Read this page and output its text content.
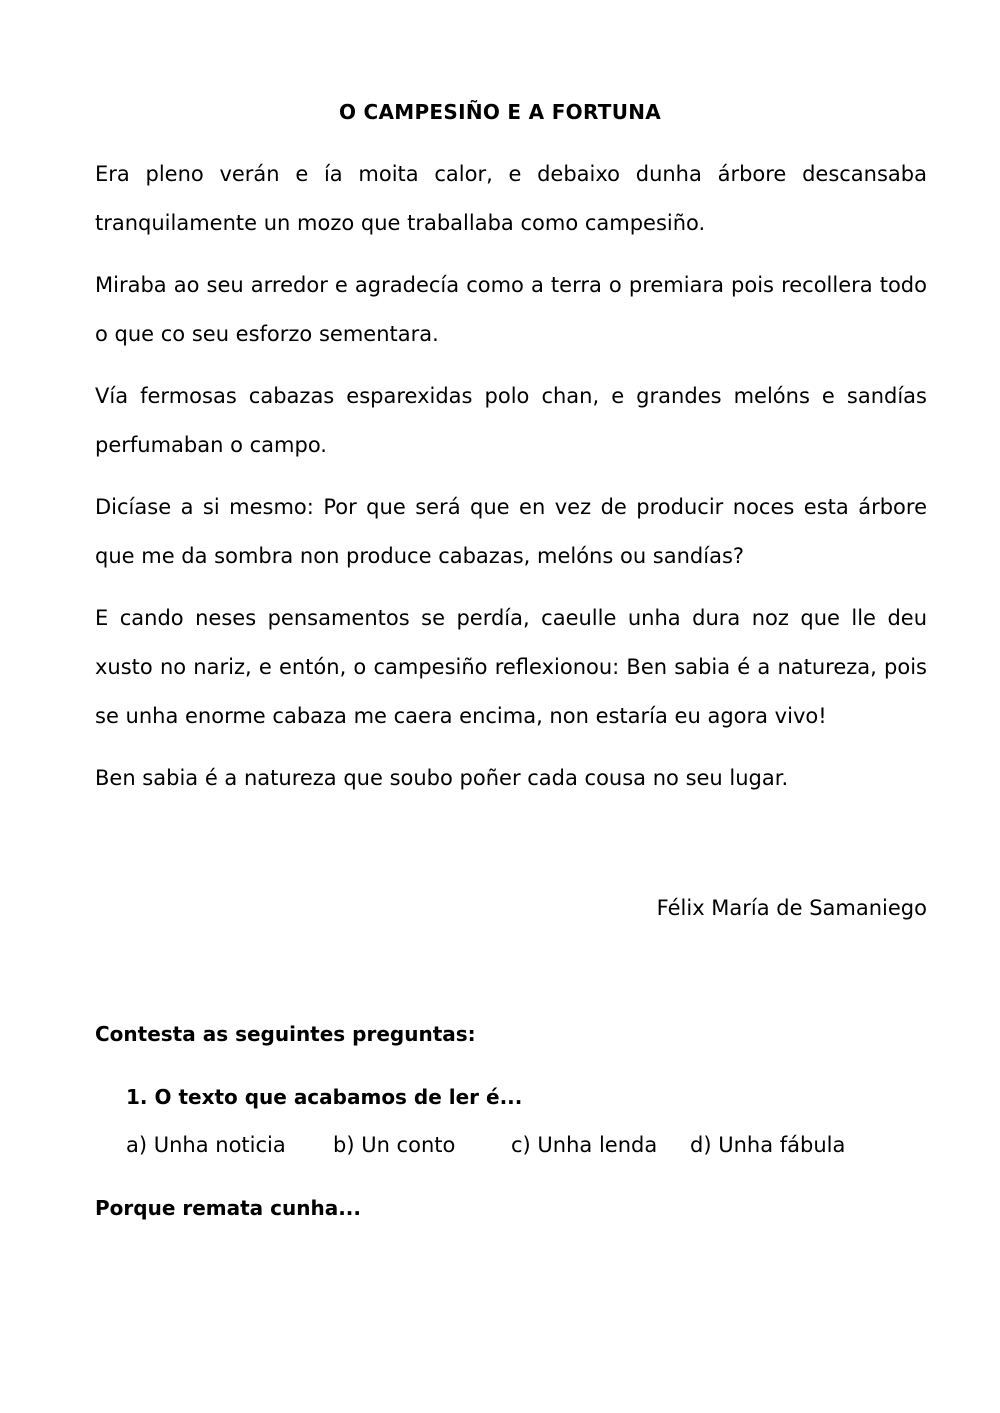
O CAMPESIÑO E A FORTUNA

Era pleno verán e ía moita calor, e debaixo dunha árbore descansaba tranquilamente un mozo que traballaba como campesiño.

Miraba ao seu arredor e agradecía como a terra o premiara pois recollera todo o que co seu esforzo sementara.

Vía fermosas cabazas esparexidas polo chan, e grandes melóns e sandías perfumaban o campo.

Dicíase a si mesmo: Por que será que en vez de producir noces esta árbore que me da sombra non produce cabazas, melóns ou sandías?

E cando neses pensamentos se perdía, caeulle unha dura noz que lle deu xusto no nariz, e entón, o campesiño reflexionou: Ben sabia é a natureza, pois se unha enorme cabaza me caera encima, non estaría eu agora vivo!

Ben sabia é a natureza que soubo poñer cada cousa no seu lugar.

Félix María de Samaniego
Contesta as seguintes preguntas:
1. O texto que acabamos de ler é...
a) Unha noticia b) Un conto	c) Unha lenda d) Unha fábula
Porque remata cunha...
